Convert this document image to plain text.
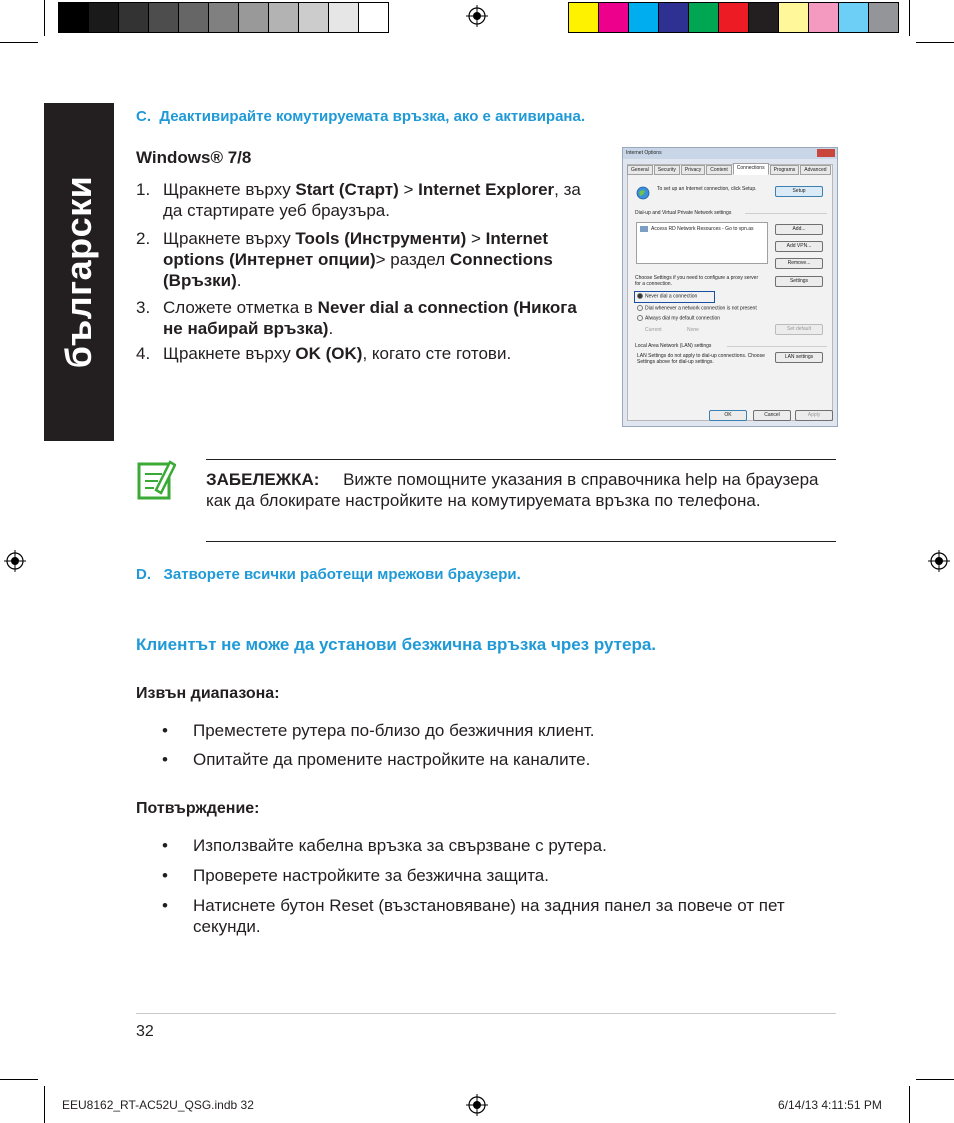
български
C. Деактивирайте комутируемата връзка, ако е активирана.
Windows® 7/8
1. Щракнете върху Start (Старт) > Internet Explorer, за да стартирате уеб браузъра.
2. Щракнете върху Tools (Инструменти) > Internet options (Интернет опции)> раздел Connections (Връзки).
3. Сложете отметка в Never dial a connection (Никога не набирай връзка).
4. Щракнете върху OK (OK), когато сте готови.
Internet Options
General	Security	Privacy	Content	Connections	Programs	Advanced
To set up an Internet connection, click Setup.	Setup
Dial-up and Virtual Private Network settings
Access RD Network Resources - Go to vpn.as	Add...
Add VPN...
Remove...
Choose Settings if you need to configure a proxy server for a connection.	Settings
Never dial a connection
Dial whenever a network connection is not present
Always dial my default connection
Current	None	Set default
Local Area Network (LAN) settings
LAN Settings do not apply to dial-up connections. Choose Settings above for dial-up settings.
LAN settings
OK	Cancel	Apply
ЗАБЕЛЕЖКА: Вижте помощните указания в справочника help на браузера как да блокирате настройките на комутируемата връзка по телефона.
D. Затворете всички работещи мрежови браузери.
Клиентът не може да установи безжична връзка чрез рутера.
Извън диапазона:
• Преместете рутера по-близо до безжичния клиент.
• Опитайте да промените настройките на каналите.
Потвърждение:
• Използвайте кабелна връзка за свързване с рутера.
• Проверете настройките за безжична защита.
• Натиснете бутон Reset (възстановяване) на задния панел за повече от пет секунди.
32
EEU8162_RT-AC52U_QSG.indb 32	6/14/13 4:11:51 PM
